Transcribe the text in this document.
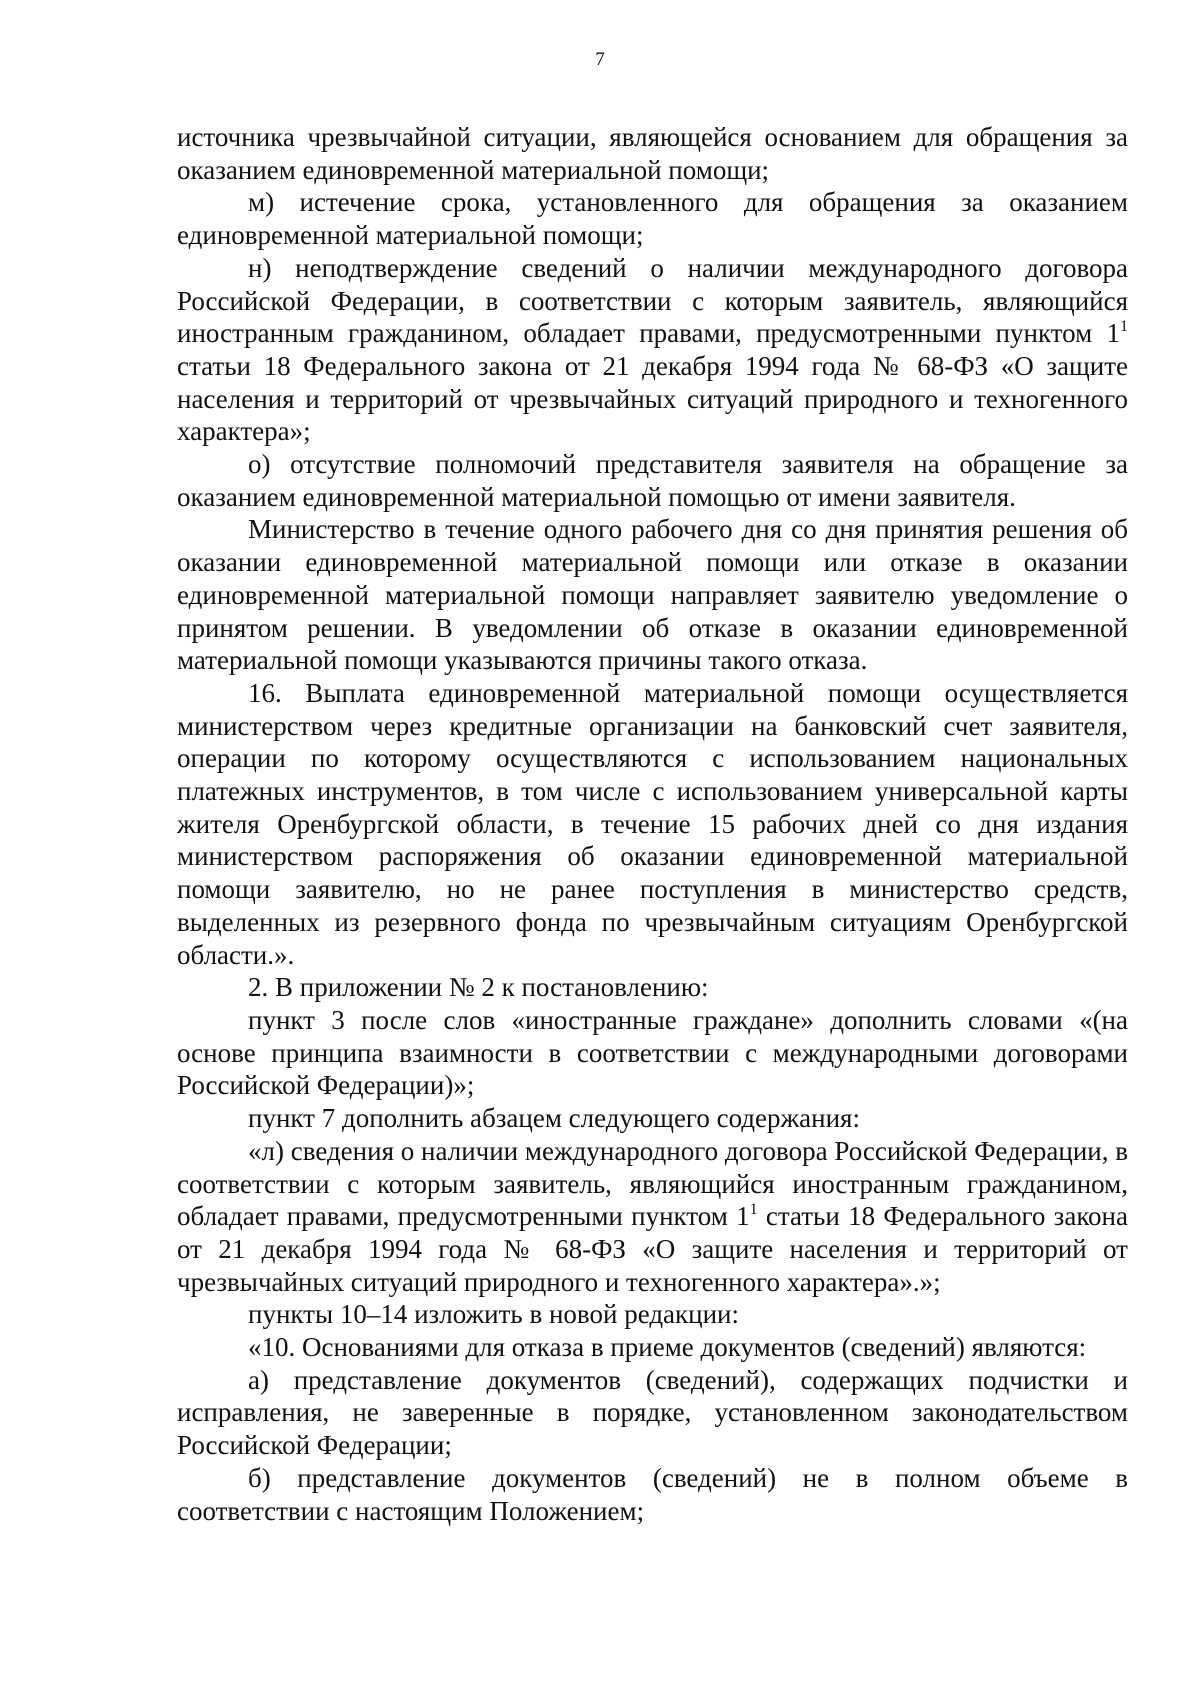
7

источника чрезвычайной ситуации, являющейся основанием для обращения за оказанием единовременной материальной помощи;

м) истечение срока, установленного для обращения за оказанием единовременной материальной помощи;

н) неподтверждение сведений о наличии международного договора Российской Федерации, в соответствии с которым заявитель, являющийся иностранным гражданином, обладает правами, предусмотренными пунктом $1^1$ статьи 18 Федерального закона от 21 декабря 1994 года № 68-ФЗ «О защите населения и территорий от чрезвычайных ситуаций природного и техногенного характера»;

о) отсутствие полномочий представителя заявителя на обращение за оказанием единовременной материальной помощью от имени заявителя.

Министерство в течение одного рабочего дня со дня принятия решения об оказании единовременной материальной помощи или отказе в оказании единовременной материальной помощи направляет заявителю уведомление о принятом решении. В уведомлении об отказе в оказании единовременной материальной помощи указываются причины такого отказа.

16. Выплата единовременной материальной помощи осуществляется министерством через кредитные организации на банковский счет заявителя, операции по которому осуществляются с использованием национальных платежных инструментов, в том числе с использованием универсальной карты жителя Оренбургской области, в течение 15 рабочих дней со дня издания министерством распоряжения об оказании единовременной материальной помощи заявителю, но не ранее поступления в министерство средств, выделенных из резервного фонда по чрезвычайным ситуациям Оренбургской области.».

2. В приложении № 2 к постановлению:

пункт 3 после слов «иностранные граждане» дополнить словами «(на основе принципа взаимности в соответствии с международными договорами Российской Федерации)»;

пункт 7 дополнить абзацем следующего содержания:

«л) сведения о наличии международного договора Российской Федерации, в соответствии с которым заявитель, являющийся иностранным гражданином, обладает правами, предусмотренными пунктом $1^1$ статьи 18 Федерального закона от 21 декабря 1994 года № 68-ФЗ «О защите населения и территорий от чрезвычайных ситуаций природного и техногенного характера».»;

пункты 10–14 изложить в новой редакции:

«10. Основаниями для отказа в приеме документов (сведений) являются:

а) представление документов (сведений), содержащих подчистки и исправления, не заверенные в порядке, установленном законодательством Российской Федерации;

б) представление документов (сведений) не в полном объеме в соответствии с настоящим Положением;
